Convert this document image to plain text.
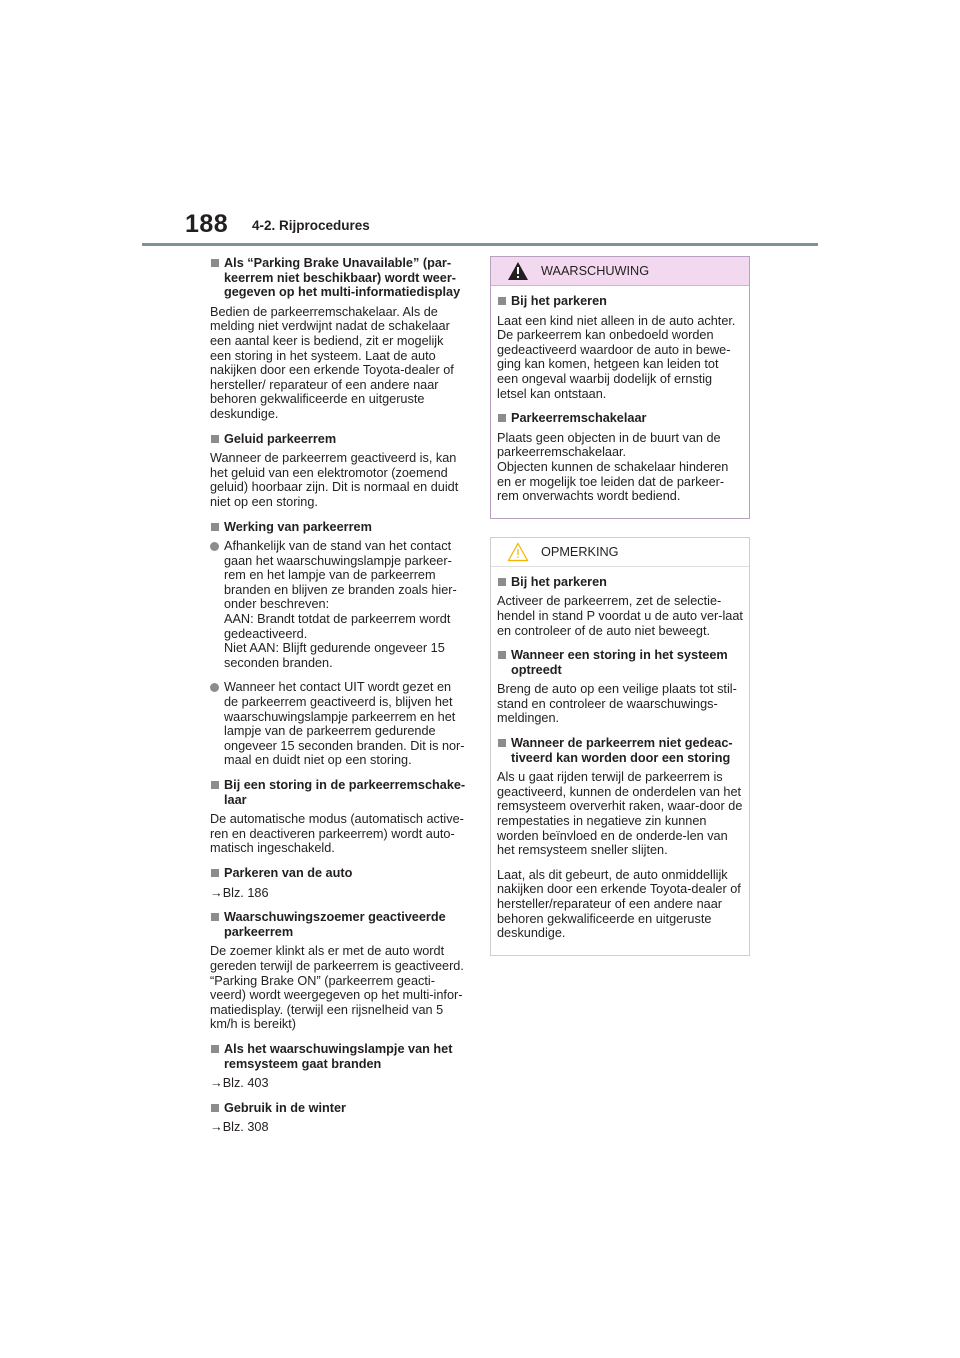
188 4-2. Rijprocedures
Als “Parking Brake Unavailable” (par-
keerrem niet beschikbaar) wordt weer-
gegeven op het multi-informatiedisplay
Bedien de parkeerremschakelaar. Als de melding niet verdwijnt nadat de schakelaar een aantal keer is bediend, zit er mogelijk een storing in het systeem. Laat de auto nakijken door een erkende Toyota-dealer of hersteller/ reparateur of een andere naar behoren gekwalificeerde en uitgeruste deskundige.
Geluid parkeerrem
Wanneer de parkeerrem geactiveerd is, kan het geluid van een elektromotor (zoemend geluid) hoorbaar zijn. Dit is normaal en duidt niet op een storing.
Werking van parkeerrem
Afhankelijk van de stand van het contact gaan het waarschuwingslampje parkeer-rem en het lampje van de parkeerrem branden en blijven ze branden zoals hier-onder beschreven:
AAN: Brandt totdat de parkeerrem wordt gedeactiveerd.
Niet AAN: Blijft gedurende ongeveer 15 seconden branden.
Wanneer het contact UIT wordt gezet en de parkeerrem geactiveerd is, blijven het waarschuwingslampje parkeerrem en het lampje van de parkeerrem gedurende ongeveer 15 seconden branden. Dit is nor-maal en duidt niet op een storing.
Bij een storing in de parkeerremschake-
laar
De automatische modus (automatisch active-ren en deactiveren parkeerrem) wordt auto-matisch ingeschakeld.
Parkeren van de auto
→Blz. 186
Waarschuwingszoemer geactiveerde
parkeerrem
De zoemer klinkt als er met de auto wordt gereden terwijl de parkeerrem is geactiveerd. “Parking Brake ON” (parkeerrem geacti-veerd) wordt weergegeven op het multi-infor-matiedisplay. (terwijl een rijsnelheid van 5 km/h is bereikt)
Als het waarschuwingslampje van het
remsysteem gaat branden
→Blz. 403
Gebruik in de winter
→Blz. 308
WAARSCHUWING
Bij het parkeren
Laat een kind niet alleen in de auto achter. De parkeerrem kan onbedoeld worden gedeactiveerd waardoor de auto in bewe-ging kan komen, hetgeen kan leiden tot een ongeval waarbij dodelijk of ernstig letsel kan ontstaan.
Parkeerremschakelaar
Plaats geen objecten in de buurt van de parkeerremschakelaar.
Objecten kunnen de schakelaar hinderen en er mogelijk toe leiden dat de parkeer-rem onverwachts wordt bediend.
OPMERKING
Bij het parkeren
Activeer de parkeerrem, zet de selectie-hendel in stand P voordat u de auto ver-laat en controleer of de auto niet beweegt.
Wanneer een storing in het systeem
optreedt
Breng de auto op een veilige plaats tot stil-stand en controleer de waarschuwings-meldingen.
Wanneer de parkeerrem niet gedeac-
tiveerd kan worden door een storing
Als u gaat rijden terwijl de parkeerrem is geactiveerd, kunnen de onderdelen van het remsysteem oververhit raken, waar-door de rempestaties in negatieve zin kunnen worden beïnvloed en de onderde-len van het remsysteem sneller slijten.
Laat, als dit gebeurt, de auto onmiddellijk nakijken door een erkende Toyota-dealer of hersteller/reparateur of een andere naar behoren gekwalificeerde en uitgeruste deskundige.
